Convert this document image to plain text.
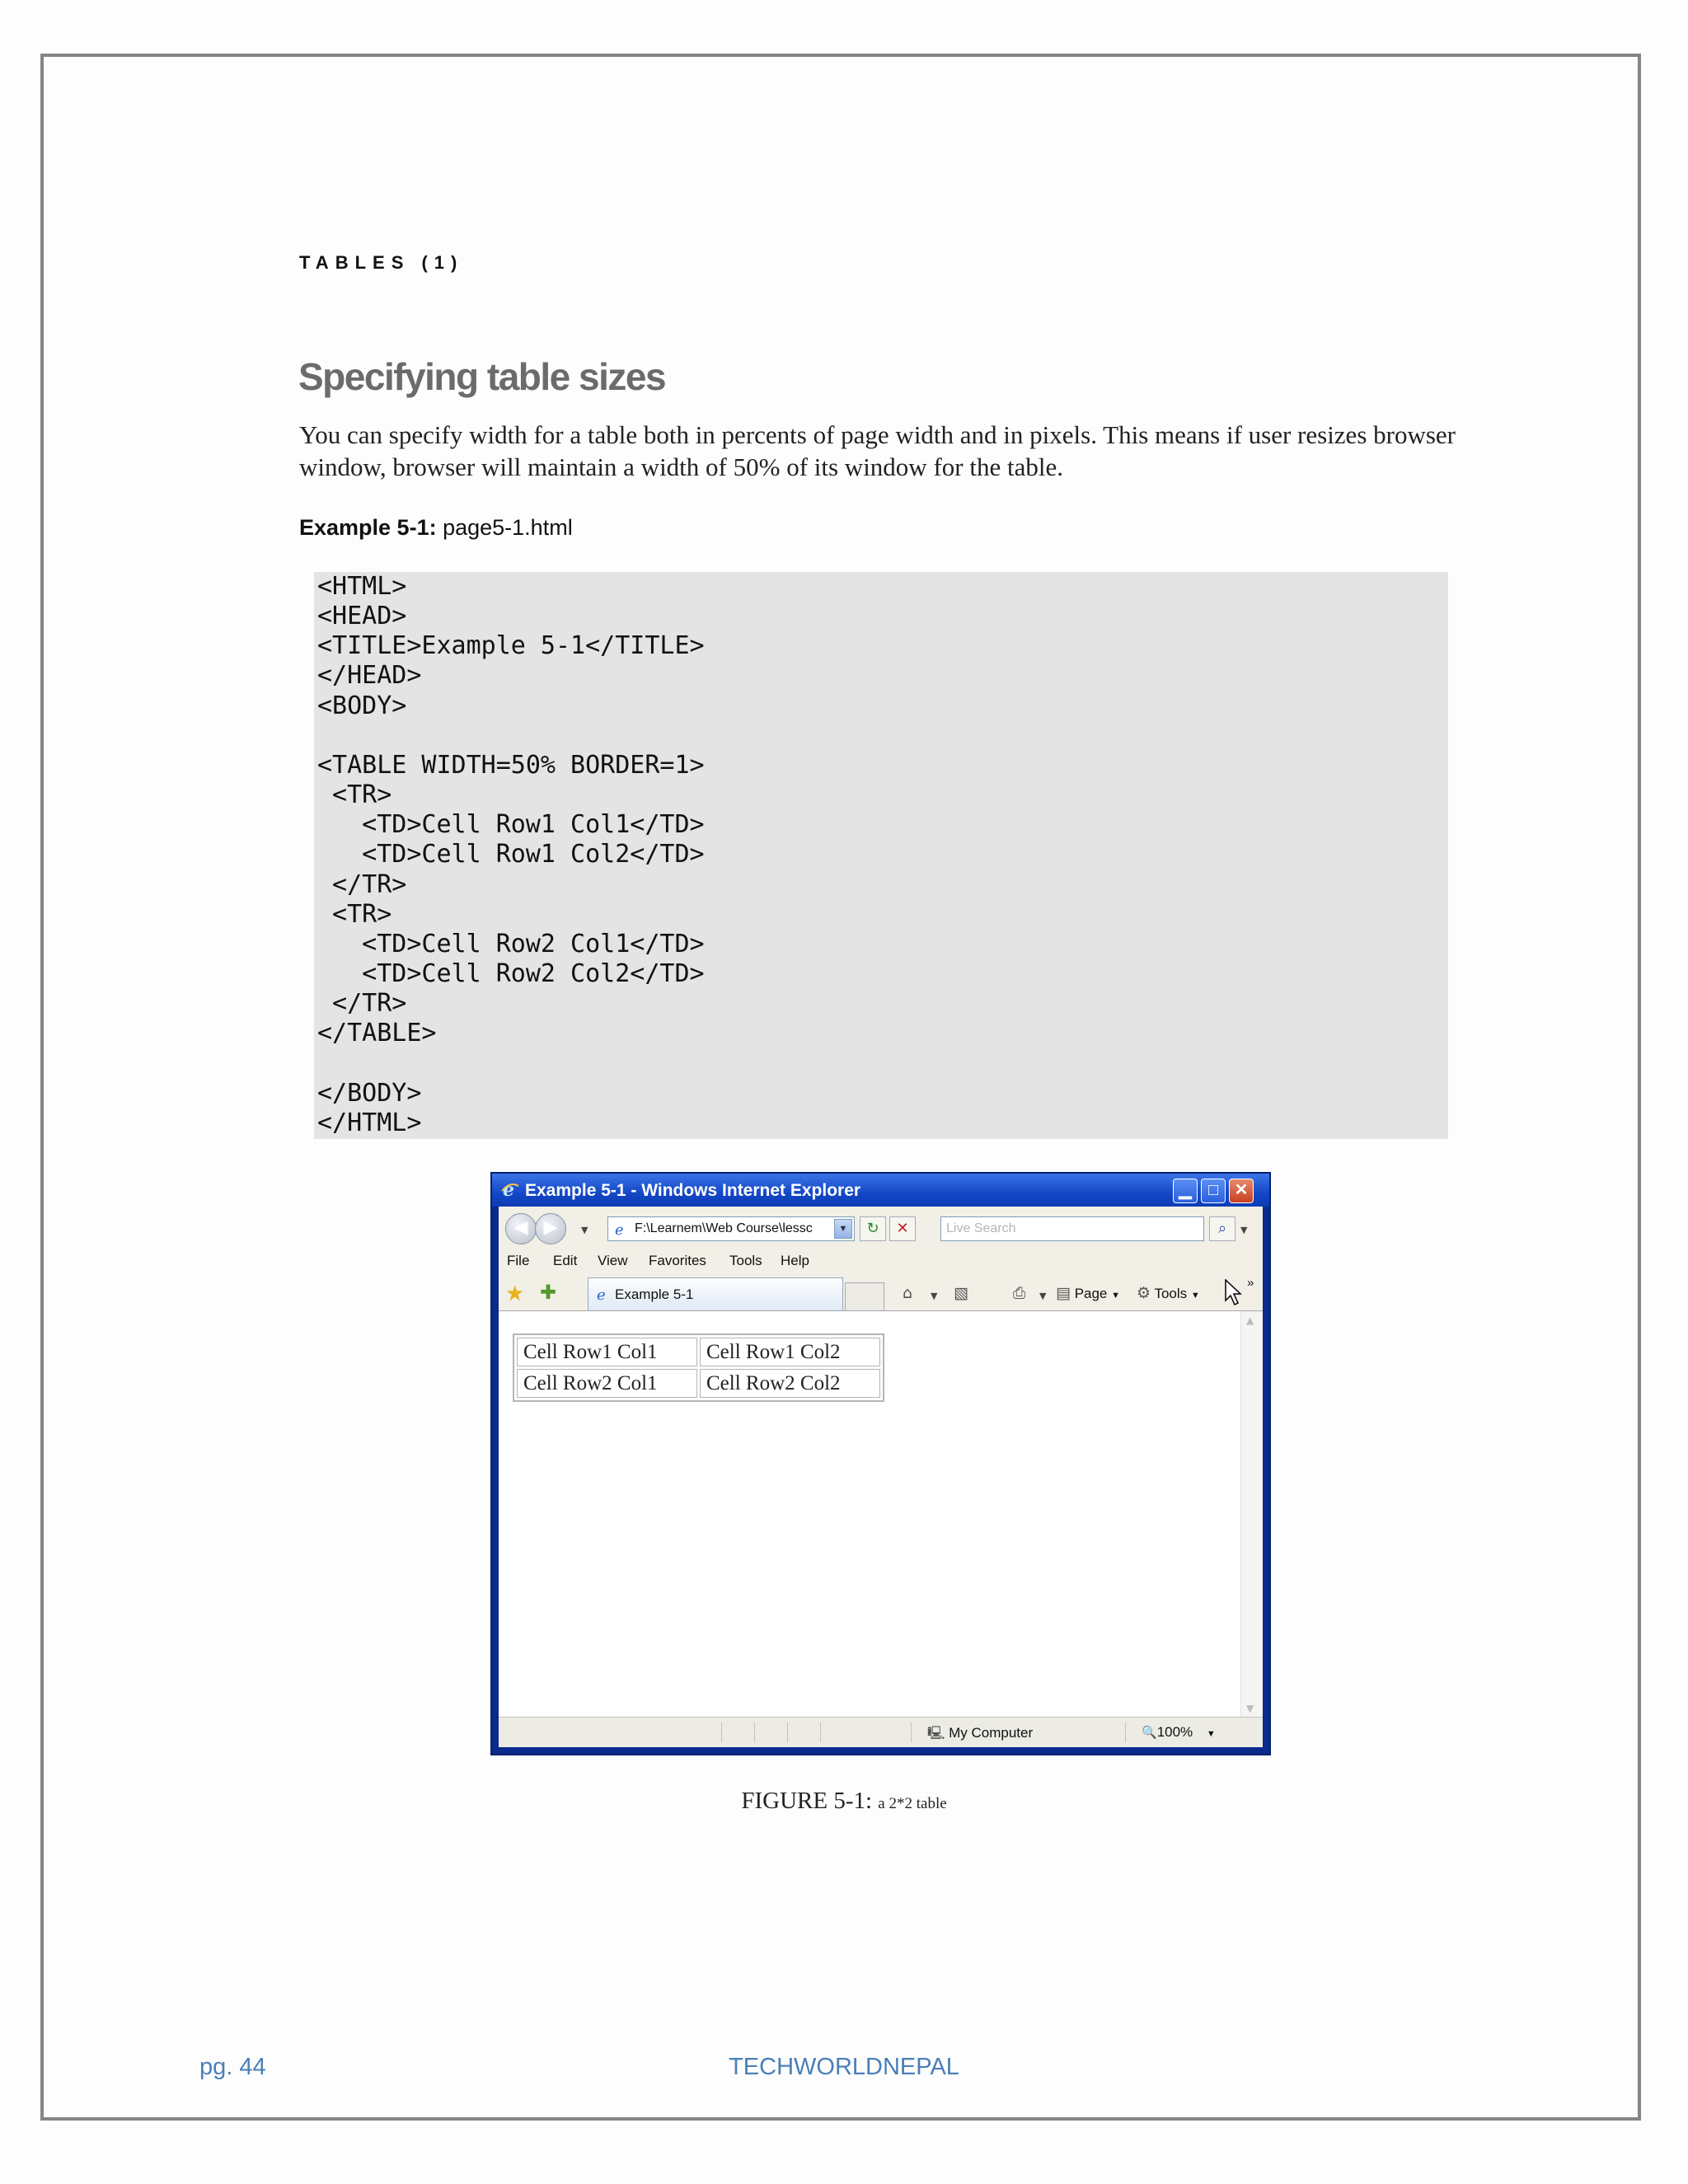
TABLES (1)
Specifying table sizes
You can specify width for a table both in percents of page width and in pixels. This means if user resizes browser window, browser will maintain a width of 50% of its window for the table.
Example 5-1: page5-1.html
<HTML>
<HEAD>
<TITLE>Example 5-1</TITLE>
</HEAD>
<BODY>

<TABLE WIDTH=50% BORDER=1>
<TR>
<TD>Cell Row1 Col1</TD>
<TD>Cell Row1 Col2</TD>
</TR>
<TR>
<TD>Cell Row2 Col1</TD>
<TD>Cell Row2 Col2</TD>
</TR>
</TABLE>

</BODY>
</HTML>
e Example 5-1 - Windows Internet Explorer	▁	□ ✕
◀ ▶	▼ e F:\Learnem\Web Course\lessc	▼	↻	✕	Live Search	⌕	▼
File Edit View Favorites Tools Help
★ ✚	e Example 5-1	⌂ ▼ ▧	⎙ ▼ ▤ Page ▼ ⚙ Tools ▼
»
Cell Row1 Col1	Cell Row1 Col2
Cell Row2 Col1	Cell Row2 Col2
▲
▼
🖳 My Computer	🔍100% ▼
FIGURE 5-1: a 2*2 table
pg. 44	TECHWORLDNEPAL
